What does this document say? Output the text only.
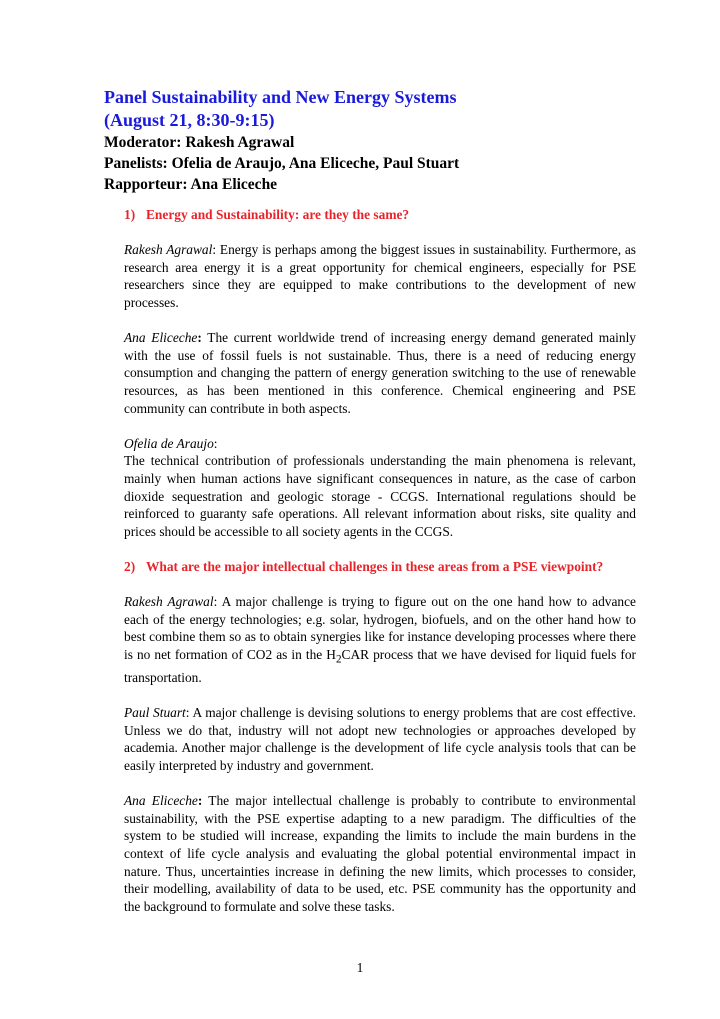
Panel Sustainability and New Energy Systems

(August 21, 8:30-9:15)

Moderator: Rakesh Agrawal

Panelists: Ofelia de Araujo, Ana Eliceche, Paul Stuart

Rapporteur: Ana Eliceche

1) Energy and Sustainability: are they the same?

Rakesh Agrawal: Energy is perhaps among the biggest issues in sustainability. Furthermore, as research area energy it is a great opportunity for chemical engineers, especially for PSE researchers since they are equipped to make contributions to the development of new processes.

Ana Eliceche: The current worldwide trend of increasing energy demand generated mainly with the use of fossil fuels is not sustainable. Thus, there is a need of reducing energy consumption and changing the pattern of energy generation switching to the use of renewable resources, as has been mentioned in this conference. Chemical engineering and PSE community can contribute in both aspects.

Ofelia de Araujo:

The technical contribution of professionals understanding the main phenomena is relevant, mainly when human actions have significant consequences in nature, as the case of carbon dioxide sequestration and geologic storage - CCGS. International regulations should be reinforced to guaranty safe operations. All relevant information about risks, site quality and prices should be accessible to all society agents in the CCGS.

2) What are the major intellectual challenges in these areas from a PSE viewpoint?

Rakesh Agrawal: A major challenge is trying to figure out on the one hand how to advance each of the energy technologies; e.g. solar, hydrogen, biofuels, and on the other hand how to best combine them so as to obtain synergies like for instance developing processes where there is no net formation of CO2 as in the $H_2CAR$ process that we have devised for liquid fuels for transportation.

Paul Stuart: A major challenge is devising solutions to energy problems that are cost effective. Unless we do that, industry will not adopt new technologies or approaches developed by academia. Another major challenge is the development of life cycle analysis tools that can be easily interpreted by industry and government.

Ana Eliceche: The major intellectual challenge is probably to contribute to environmental sustainability, with the PSE expertise adapting to a new paradigm. The difficulties of the system to be studied will increase, expanding the limits to include the main burdens in the context of life cycle analysis and evaluating the global potential environmental impact in nature. Thus, uncertainties increase in defining the new limits, which processes to consider, their modelling, availability of data to be used, etc. PSE community has the opportunity and the background to formulate and solve these tasks.

1
